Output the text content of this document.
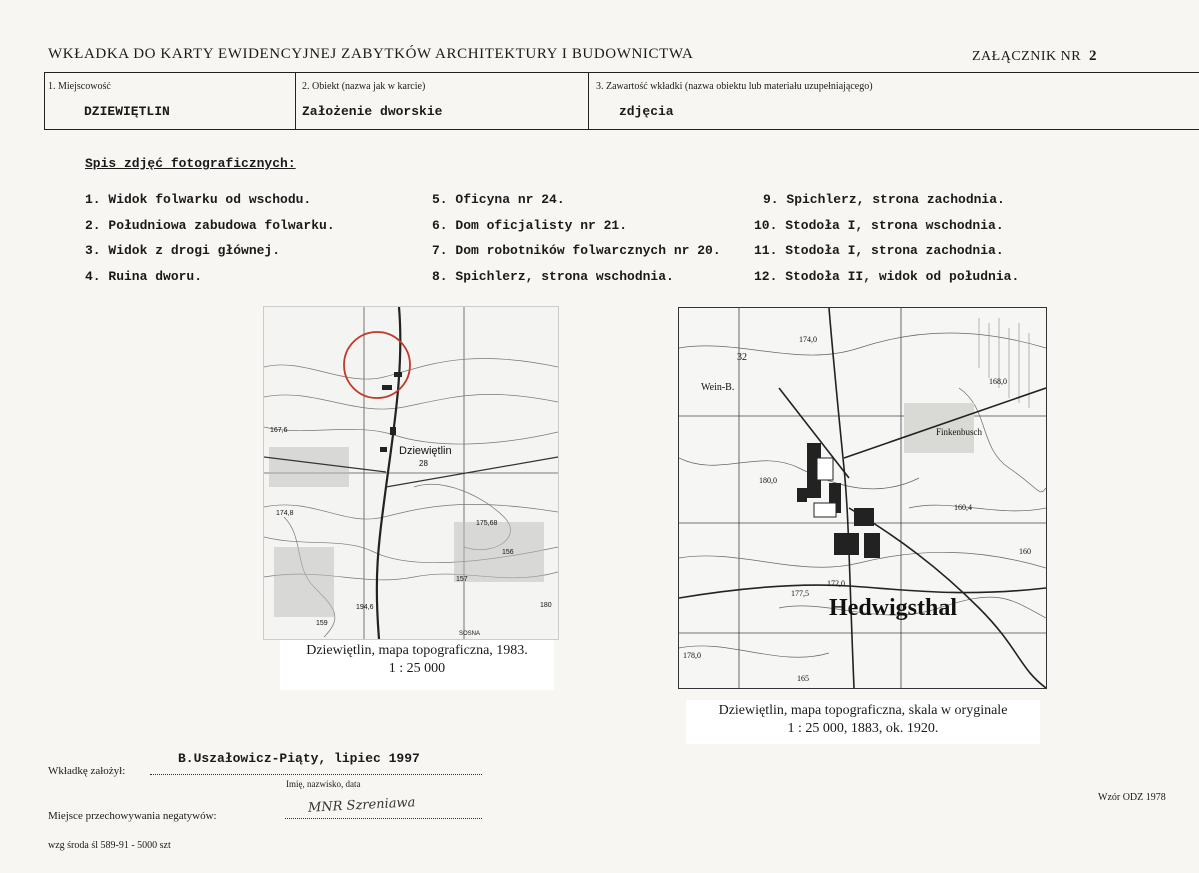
WKŁADKA DO KARTY EWIDENCYJNEJ ZABYTKÓW ARCHITEKTURY I BUDOWNICTWA	ZAŁĄCZNIK NR 2
1. Miejscowość
DZIEWIĘTLIN
2. Obiekt (nazwa jak w karcie)
Założenie dworskie
3. Zawartość wkładki (nazwa obiektu lub materiału uzupełniającego)
zdjęcia
Spis zdjęć fotograficznych:
1. Widok folwarku od wschodu.
2. Południowa zabudowa folwarku.
3. Widok z drogi głównej.
4. Ruina dworu.
5. Oficyna nr 24.
6. Dom oficjalisty nr 21.
7. Dom robotników folwarcznych nr 20.
8. Spichlerz, strona wschodnia.
9. Spichlerz, strona zachodnia.
10. Stodoła I, strona wschodnia.
11. Stodoła I, strona zachodnia.
12. Stodoła II, widok od południa.
Dziewiętlin
28
167,6
174,8
175,68
156
157
194,6
159
SOSNA
180
Dziewiętlin, mapa topograficzna, 1983.
1 : 25 000
Hedwigsthal
Finkenbusch
Wein-B.
174,0
168,0
32
160,4
172,0
177,5
178,0
180,0
160
165
Dziewiętlin, mapa topograficzna, skala w oryginale
1 : 25 000, 1883, ok. 1920.
Wkładkę założył:
B.Uszałowicz-Piąty, lipiec 1997
Imię, nazwisko, data
Miejsce przechowywania negatywów:
MNR Szreniawa	Wzór ODZ 1978
wzg środa śl 589-91 - 5000 szt
